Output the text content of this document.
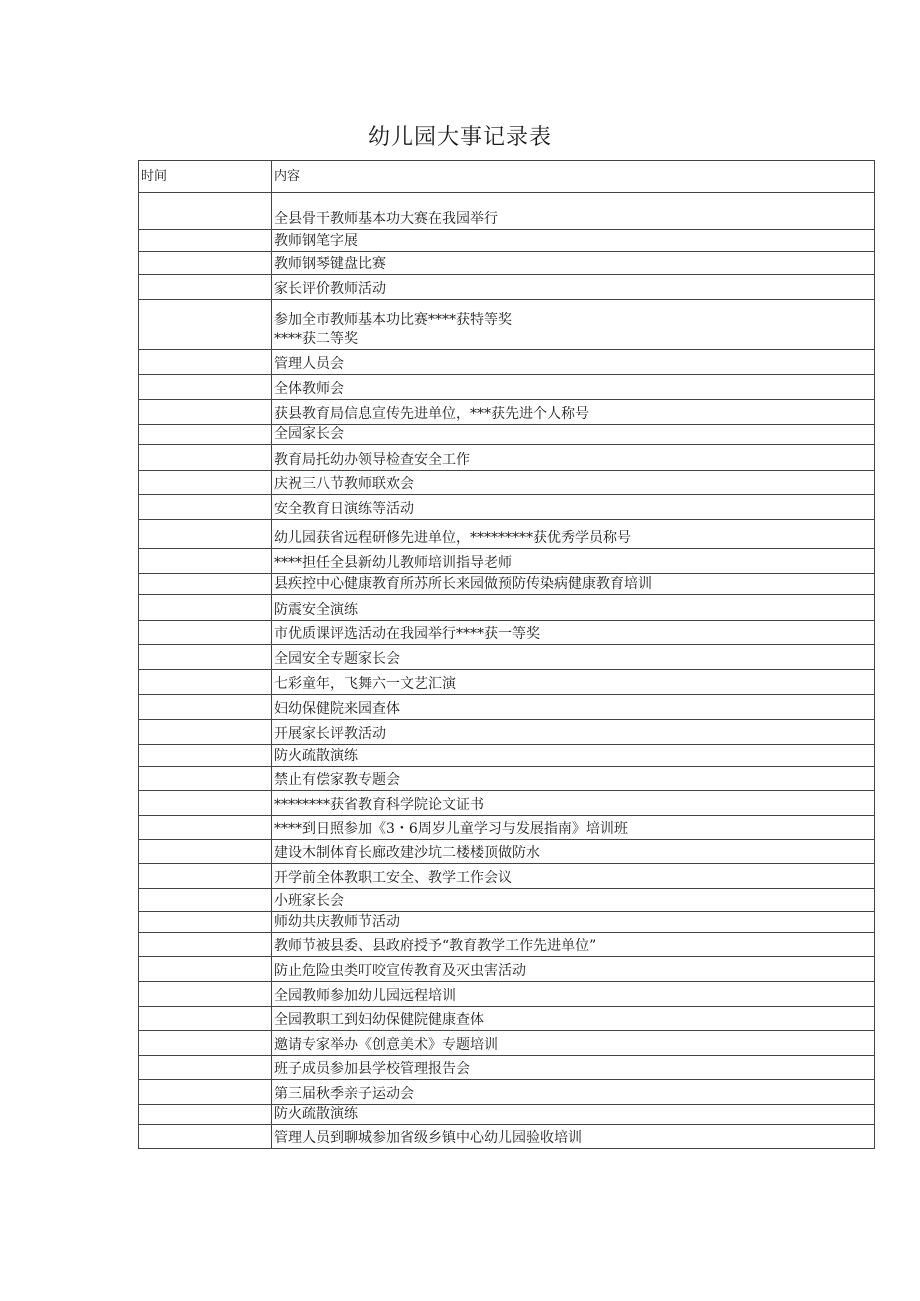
幼儿园大事记录表
时间	内容
	全县骨干教师基本功大赛在我园举行
	教师钢笔字展
	教师钢琴键盘比赛
	家长评价教师活动
	参加全市教师基本功比赛****获特等奖
****获二等奖
	管理人员会
	全体教师会
	获县教育局信息宣传先进单位，***获先进个人称号
	全园家长会
	教育局托幼办领导检查安全工作
	庆祝三八节教师联欢会
	安全教育日演练等活动
	幼儿园获省远程研修先进单位，*********获优秀学员称号
	****担任全县新幼儿教师培训指导老师
	县疾控中心健康教育所苏所长来园做预防传染病健康教育培训
	防震安全演练
	市优质课评选活动在我园举行****获一等奖
	全园安全专题家长会
	七彩童年，飞舞六一文艺汇演
	妇幼保健院来园查体
	开展家长评教活动
	防火疏散演练
	禁止有偿家教专题会
	********获省教育科学院论文证书
	****到日照参加《3・6周岁儿童学习与发展指南》培训班
	建设木制体育长廊改建沙坑二楼楼顶做防水
	开学前全体教职工安全、教学工作会议
	小班家长会
	师幼共庆教师节活动
	教师节被县委、县政府授予“教育教学工作先进单位”
	防止危险虫类叮咬宣传教育及灭虫害活动
	全园教师参加幼儿园远程培训
	全园教职工到妇幼保健院健康查体
	邀请专家举办《创意美术》专题培训
	班子成员参加县学校管理报告会
	第三届秋季亲子运动会
	防火疏散演练
	管理人员到聊城参加省级乡镇中心幼儿园验收培训
